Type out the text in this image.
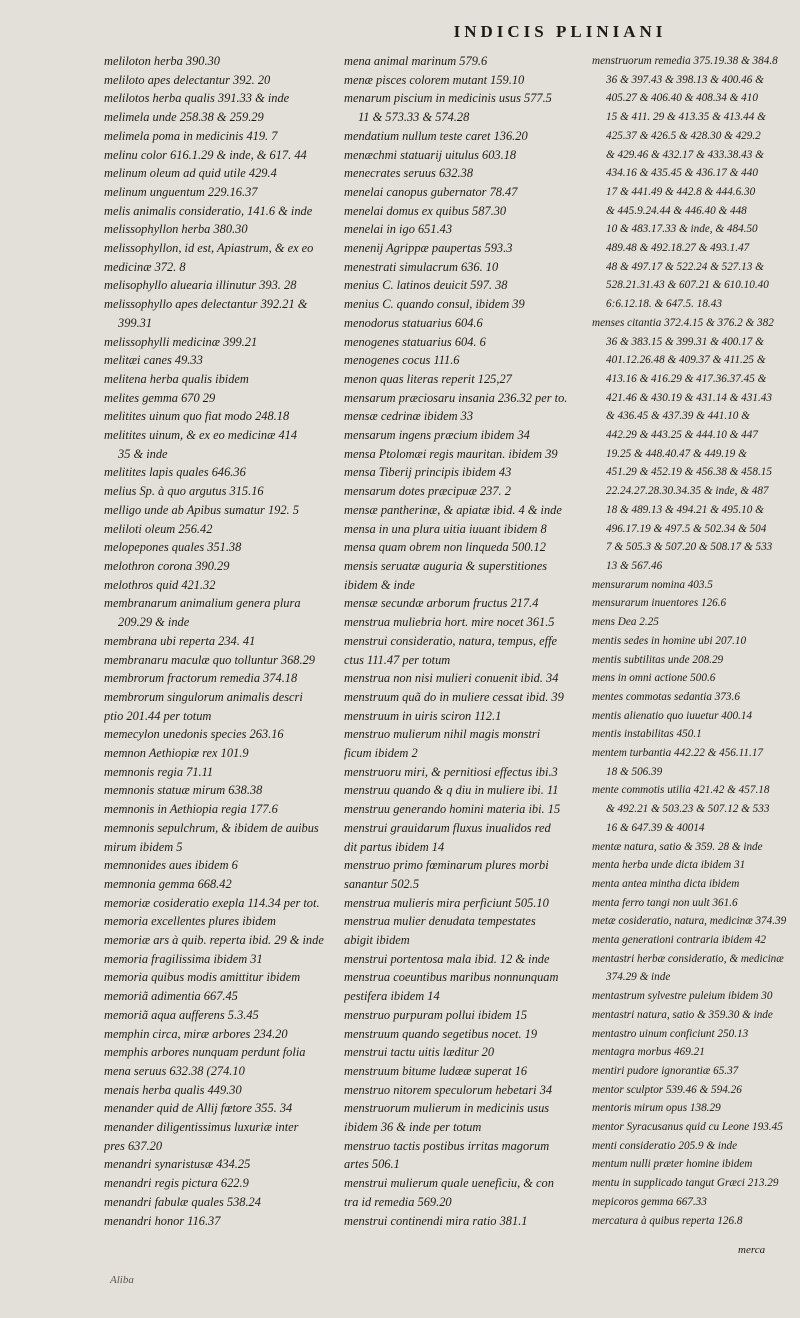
INDICIS PLINIANI
meliloton herba 390.30
meliloto apes delectantur 392. 20
melilotos herba qualis 391.33 & inde
melimela unde 258.38 & 259.29
melimela poma in medicinis 419. 7
melinu color 616.1.29 & inde, & 617. 44
melinum oleum ad quid utile 429.4
melinum unguentum 229.16.37
melis animalis consideratio, 141.6 & inde
melissophyllon herba 380.30
melissophyllon, id est, Apiastrum, & ex eo
medicinæ 372. 8
melisophyllo aluearia illinutur 393. 28
melissophyllo apes delectantur 392.21 &
399.31
melissophylli medicinæ 399.21
melitæi canes 49.33
melitena herba qualis ibidem
melites gemma 670 29
melitites uinum quo fiat modo 248.18
melitites uinum, & ex eo medicinæ 414
35 & inde
melitites lapis quales 646.36
melius Sp. à quo argutus 315.16
melligo unde ab Apibus sumatur 192. 5
meliloti oleum 256.42
melopepones quales 351.38
melothron corona 390.29
melothros quid 421.32
membranarum animalium genera plura
209.29 & inde
membrana ubi reperta 234. 41
membranaru maculæ quo tolluntur 368.29
membrorum fractorum remedia 374.18
membrorum singulorum animalis descri
ptio 201.44 per totum
memecylon unedonis species 263.16
memnon Aethiopiæ rex 101.9
memnonis regia 71.11
memnonis statuæ mirum 638.38
memnonis in Aethiopia regia 177.6
memnonis sepulchrum, & ibidem de auibus
mirum ibidem 5
memnonides aues ibidem 6
memnonia gemma 668.42
memoriæ cosideratio exepla 114.34 per tot.
memoria excellentes plures ibidem
memoriæ ars à quib. reperta ibid. 29 & inde
memoria fragilissima ibidem 31
memoria quibus modis amittitur ibidem
memoriã adimentia 667.45
memoriã aqua aufferens 5.3.45
memphin circa, miræ arbores 234.20
memphis arbores nunquam perdunt folia
mena seruus 632.38 (274.10
menais herba qualis 449.30
menander quid de Allij fœtore 355. 34
menander diligentissimus luxuriæ inter
pres 637.20
menandri synaristusæ 434.25
menandri regis pictura 622.9
menandri fabulæ quales 538.24
menandri honor 116.37
mena animal marinum 579.6
menæ pisces colorem mutant 159.10
menarum piscium in medicinis usus 577.5
11 & 573.33 & 574.28
mendatium nullum teste caret 136.20
menæchmi statuarij uitulus 603.18
menecrates seruus 632.38
menelai canopus gubernator 78.47
menelai domus ex quibus 587.30
menelai in igo 651.43
menenij Agrippæ paupertas 593.3
menestrati simulacrum 636. 10
menius C. latinos deuicit 597. 38
menius C. quando consul, ibidem 39
menodorus statuarius 604.6
menogenes statuarius 604. 6
menogenes cocus 111.6
menon quas literas reperit 125,27
mensarum præciosaru insania 236.32 per to.
mensæ cedrinæ ibidem 33
mensarum ingens præcium ibidem 34
mensa Ptolomæi regis mauritan. ibidem 39
mensa Tiberij principis ibidem 43
mensarum dotes præcipuæ 237. 2
mensæ pantherinæ, & apiatæ ibid. 4 & inde
mensa in una plura uitia iuuant ibidem 8
mensa quam obrem non linqueda 500.12
mensis seruatæ auguria & superstitiones
ibidem & inde
mensæ secundæ arborum fructus 217.4
menstrua muliebria hort. mire nocet 361.5
menstrui consideratio, natura, tempus, effe
ctus 111.47 per totum
menstrua non nisi mulieri conuenit ibid. 34
menstruum quã do in muliere cessat ibid. 39
menstruum in uiris sciron 112.1
menstruo mulierum nihil magis monstri
ficum ibidem 2
menstruoru miri, & pernitiosi effectus ibi.3
menstruu quando & q diu in muliere ibi. 11
menstruu generando homini materia ibi. 15
menstrui grauidarum fluxus inualidos red
dit partus ibidem 14
menstruo primo fœminarum plures morbi
sanantur 502.5
menstrua mulieris mira perficiunt 505.10
menstrua mulier denudata tempestates
abigit ibidem
menstrui portentosa mala ibid. 12 & inde
menstrua coeuntibus maribus nonnunquam
pestifera ibidem 14
menstruo purpuram pollui ibidem 15
menstruum quando segetibus nocet. 19
menstrui tactu uitis læditur 20
menstruum bitume ludææ superat 16
menstruo nitorem speculorum hebetari 34
menstruorum mulierum in medicinis usus
ibidem 36 & inde per totum
menstruo tactis postibus irritas magorum
artes 506.1
menstrui mulierum quale ueneficiu, & con
tra id remedia 569.20
menstrui continendi mira ratio 381.1
menstruorum remedia 375.19.38 & 384.8
36 & 397.43 & 398.13 & 400.46 &
405.27 & 406.40 & 408.34 & 410
15 & 411. 29 & 413.35 & 413.44 &
425.37 & 426.5 & 428.30 & 429.2
& 429.46 & 432.17 & 433.38.43 &
434.16 & 435.45 & 436.17 & 440
17 & 441.49 & 442.8 & 444.6.30
& 445.9.24.44 & 446.40 & 448
10 & 483.17.33 & inde, & 484.50
489.48 & 492.18.27 & 493.1.47
48 & 497.17 & 522.24 & 527.13 &
528.21.31.43 & 607.21 & 610.10.40
6:6.12.18. & 647.5. 18.43
menses citantia 372.4.15 & 376.2 & 382
36 & 383.15 & 399.31 & 400.17 &
401.12.26.48 & 409.37 & 411.25 &
413.16 & 416.29 & 417.36.37.45 &
421.46 & 430.19 & 431.14 & 431.43
& 436.45 & 437.39 & 441.10 &
442.29 & 443.25 & 444.10 & 447
19.25 & 448.40.47 & 449.19 &
451.29 & 452.19 & 456.38 & 458.15
22.24.27.28.30.34.35 & inde, & 487
18 & 489.13 & 494.21 & 495.10 &
496.17.19 & 497.5 & 502.34 & 504
7 & 505.3 & 507.20 & 508.17 & 533
13 & 567.46
mensurarum nomina 403.5
mensurarum inuentores 126.6
mens Dea 2.25
mentis sedes in homine ubi 207.10
mentis subtilitas unde 208.29
mens in omni actione 500.6
mentes commotas sedantia 373.6
mentis alienatio quo iuuetur 400.14
mentis instabilitas 450.1
mentem turbantia 442.22 & 456.11.17
18 & 506.39
mente commotis utilia 421.42 & 457.18
& 492.21 & 503.23 & 507.12 & 533
16 & 647.39 & 40014
mentæ natura, satio & 359. 28 & inde
menta herba unde dicta ibidem 31
menta antea mintha dicta ibidem
menta ferro tangi non uult 361.6
metæ cosideratio, natura, medicinæ 374.39
menta generationi contraria ibidem 42
mentastri herbæ consideratio, & medicinæ
374.29 & inde
mentastrum sylvestre puleium ibidem 30
mentastri natura, satio & 359.30 & inde
mentastro uinum conficiunt 250.13
mentagra morbus 469.21
mentiri pudore ignorantiæ 65.37
mentor sculptor 539.46 & 594.26
mentoris mirum opus 138.29
mentor Syracusanus quid cu Leone 193.45
menti consideratio 205.9 & inde
mentum nulli præter homine ibidem
mentu in supplicado tangut Græci 213.29
mepicoros gemma 667.33
mercatura à quibus reperta 126.8
merca
Aliba
